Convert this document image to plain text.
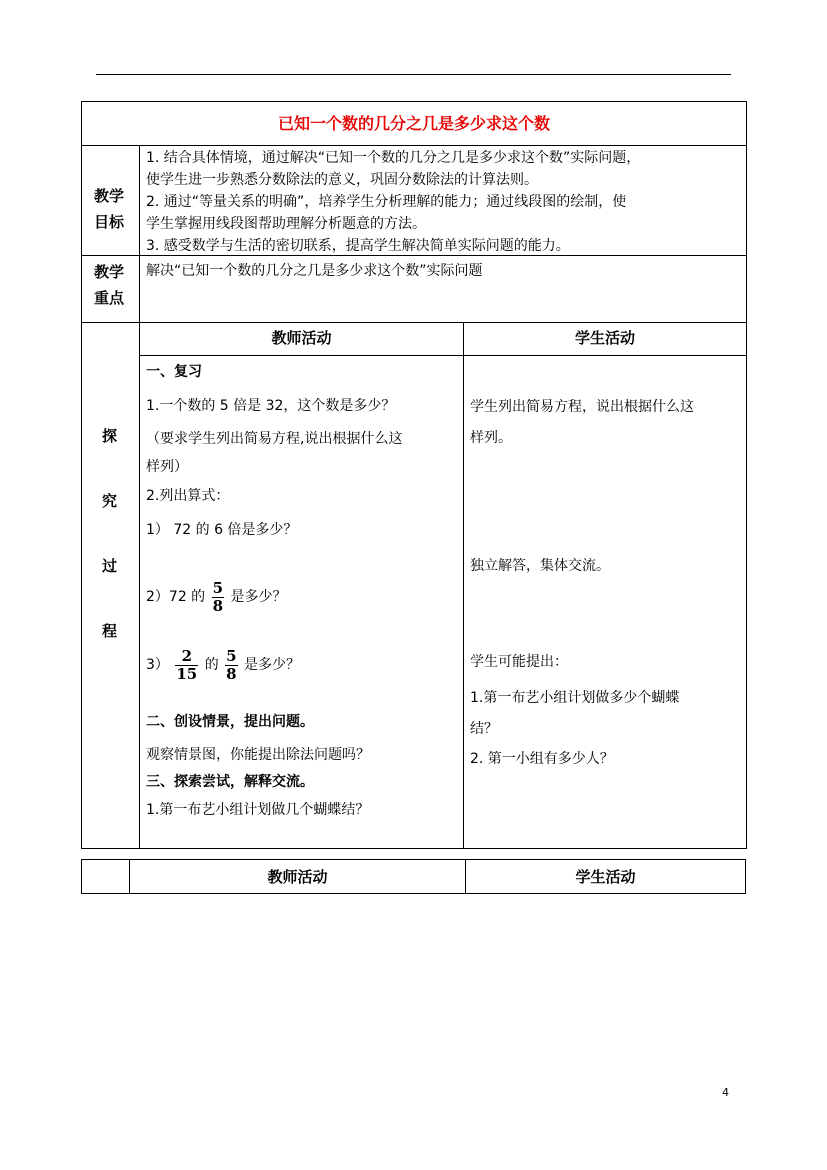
已知一个数的几分之几是多少求这个数
教学
目标
1. 结合具体情境，通过解决“已知一个数的几分之几是多少求这个数”实际问题，
使学生进一步熟悉分数除法的意义，巩固分数除法的计算法则。
2. 通过“等量关系的明确”，培养学生分析理解的能力；通过线段图的绘制，使
学生掌握用线段图帮助理解分析题意的方法。
3. 感受数学与生活的密切联系，提高学生解决简单实际问题的能力。
教学
重点
解决“已知一个数的几分之几是多少求这个数”实际问题
教师活动	学生活动
探
究
过
程
一、复习
1.一个数的 5 倍是 32，这个数是多少？
（要求学生列出简易方程,说出根据什么这
样列）
2.列出算式：
1） 72 的 6 倍是多少？
2）72 的 $\frac{5}{8}$ 是多少？
$3) \frac{2}{15}$ 的 $\frac{5}{8}$ 是多少？
二、创设情景，提出问题。
观察情景图，你能提出除法问题吗？
三、探索尝试，解释交流。
1.第一布艺小组计划做几个蝴蝶结？
学生列出简易方程，说出根据什么这
样列。
独立解答，集体交流。
学生可能提出：
1.第一布艺小组计划做多少个蝴蝶
结？
2. 第一小组有多少人？
教师活动	学生活动
4
